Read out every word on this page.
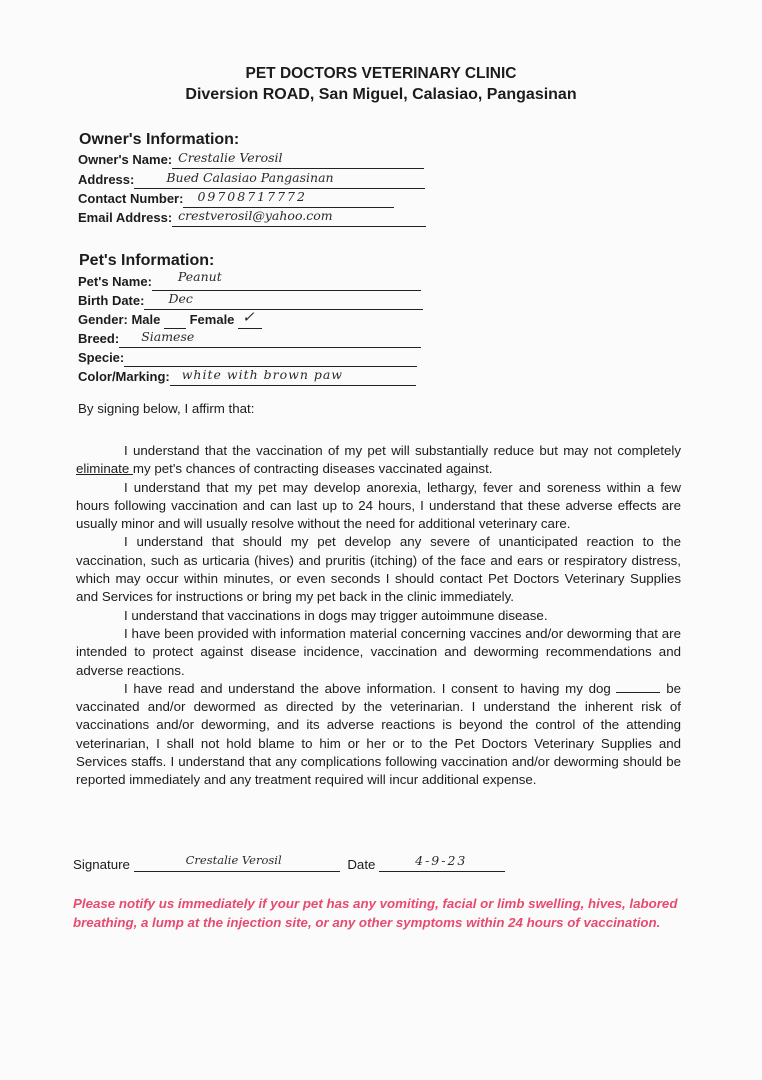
PET DOCTORS VETERINARY CLINIC
Diversion ROAD, San Miguel, Calasiao, Pangasinan
Owner's Information:
Owner's Name: Crestalie Verosil
Address:	Bued Calasiao Pangasinan
Contact Number: 09708717772
Email Address: crestverosil@yahoo.com
Pet's Information:
Pet's Name: Peanut
Birth Date: Dec
Gender: Male Female ✓
Breed: Siamese
Specie:
Color/Marking: white with brown paw
By signing below, I affirm that:

I understand that the vaccination of my pet will substantially reduce but may not completely eliminate my pet's chances of contracting diseases vaccinated against.

I understand that my pet may develop anorexia, lethargy, fever and soreness within a few hours following vaccination and can last up to 24 hours, I understand that these adverse effects are usually minor and will usually resolve without the need for additional veterinary care.

I understand that should my pet develop any severe of unanticipated reaction to the vaccination, such as urticaria (hives) and pruritis (itching) of the face and ears or respiratory distress, which may occur within minutes, or even seconds I should contact Pet Doctors Veterinary Supplies and Services for instructions or bring my pet back in the clinic immediately.

I understand that vaccinations in dogs may trigger autoimmune disease.

I have been provided with information material concerning vaccines and/or deworming that are intended to protect against disease incidence, vaccination and deworming recommendations and adverse reactions.

I have read and understand the above information. I consent to having my dog	be vaccinated and/or dewormed as directed by the veterinarian. I understand the inherent risk of vaccinations and/or deworming, and its adverse reactions is beyond the control of the attending veterinarian, I shall not hold blame to him or her or to the Pet Doctors Veterinary Supplies and Services staffs. I understand that any complications following vaccination and/or deworming should be reported immediately and any treatment required will incur additional expense.

Signature	Crestalie Verosil	Date	4-9-23
Please notify us immediately if your pet has any vomiting, facial or limb swelling, hives, labored breathing, a lump at the injection site, or any other symptoms within 24 hours of vaccination.
